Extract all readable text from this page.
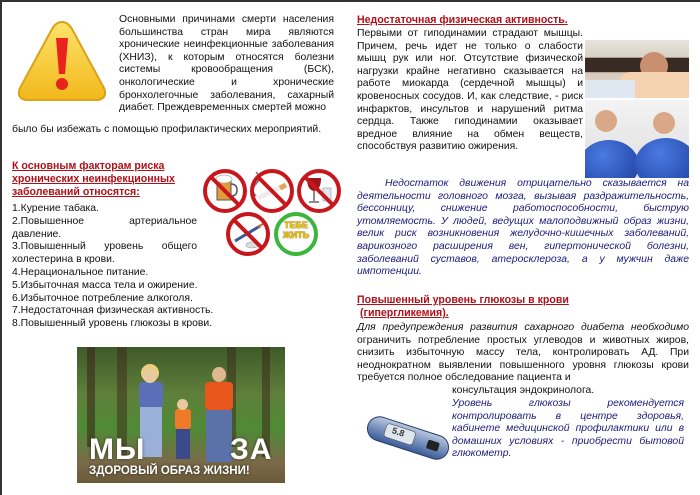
Основными причинами смерти населения большинства стран мира являются хронические неинфекционные заболевания (ХНИЗ), к которым относятся болезни системы кровообращения (БСК), онкологические и хронические бронхолегочные заболевания, сахарный диабет. Преждевременных смертей можно
было бы избежать с помощью профилактических мероприятий.
К основным факторам риска хронических неинфекционных заболеваний относятся:
ТЕБЕ ЖИТЬ
1.Курение табака.
2.Повышенное артериальное давление.
3.Повышенный уровень общего холестерина в крови.
4.Нерациональное питание.
5.Избыточная масса тела и ожирение.
6.Избыточное потребление алкоголя.
7.Недостаточная физическая активность.
8.Повышенный уровень глюкозы в крови.
МЫ	ЗА
ЗДОРОВЫЙ ОБРАЗ ЖИЗНИ!
Недостаточная физическая активность.
Первыми от гиподинамии страдают мышцы. Причем, речь идет не только о слабости мышц рук или ног. Отсутствие физической нагрузки крайне негативно сказывается на работе миокарда (сердечной мышцы) и кровеносных сосудов. И, как следствие, - риск инфарктов, инсультов и нарушений ритма сердца. Также гиподинамии оказывает вредное влияние на обмен веществ, способствуя развитию ожирения.
Недостаток движения отрицательно сказывается на деятельности головного мозга, вызывая раздражительность, бессонницу, снижение работоспособности, быструю утомляемость. У людей, ведущих малоподвижный образ жизни, велик риск возникновения желудочно-кишечных заболеваний, варикозного расширения вен, гипертонической болезни, заболеваний суставов, атеросклероза, а у мужчин даже импотенции.
Повышенный уровень глюкозы в крови
(гипергликемия).
Для предупреждения развития сахарного диабета необходимо ограничить потребление простых углеводов и животных жиров, снизить избыточную массу тела, контролировать АД. При неоднократном выявлении повышенного уровня глюкозы крови требуется полное обследование пациента и
консультация эндокринолога.
5.8
Уровень глюкозы рекомендуется контролировать в центре здоровья, кабинете медицинской профилактики или в домашних условиях - приобрести бытовой глюкометр.
